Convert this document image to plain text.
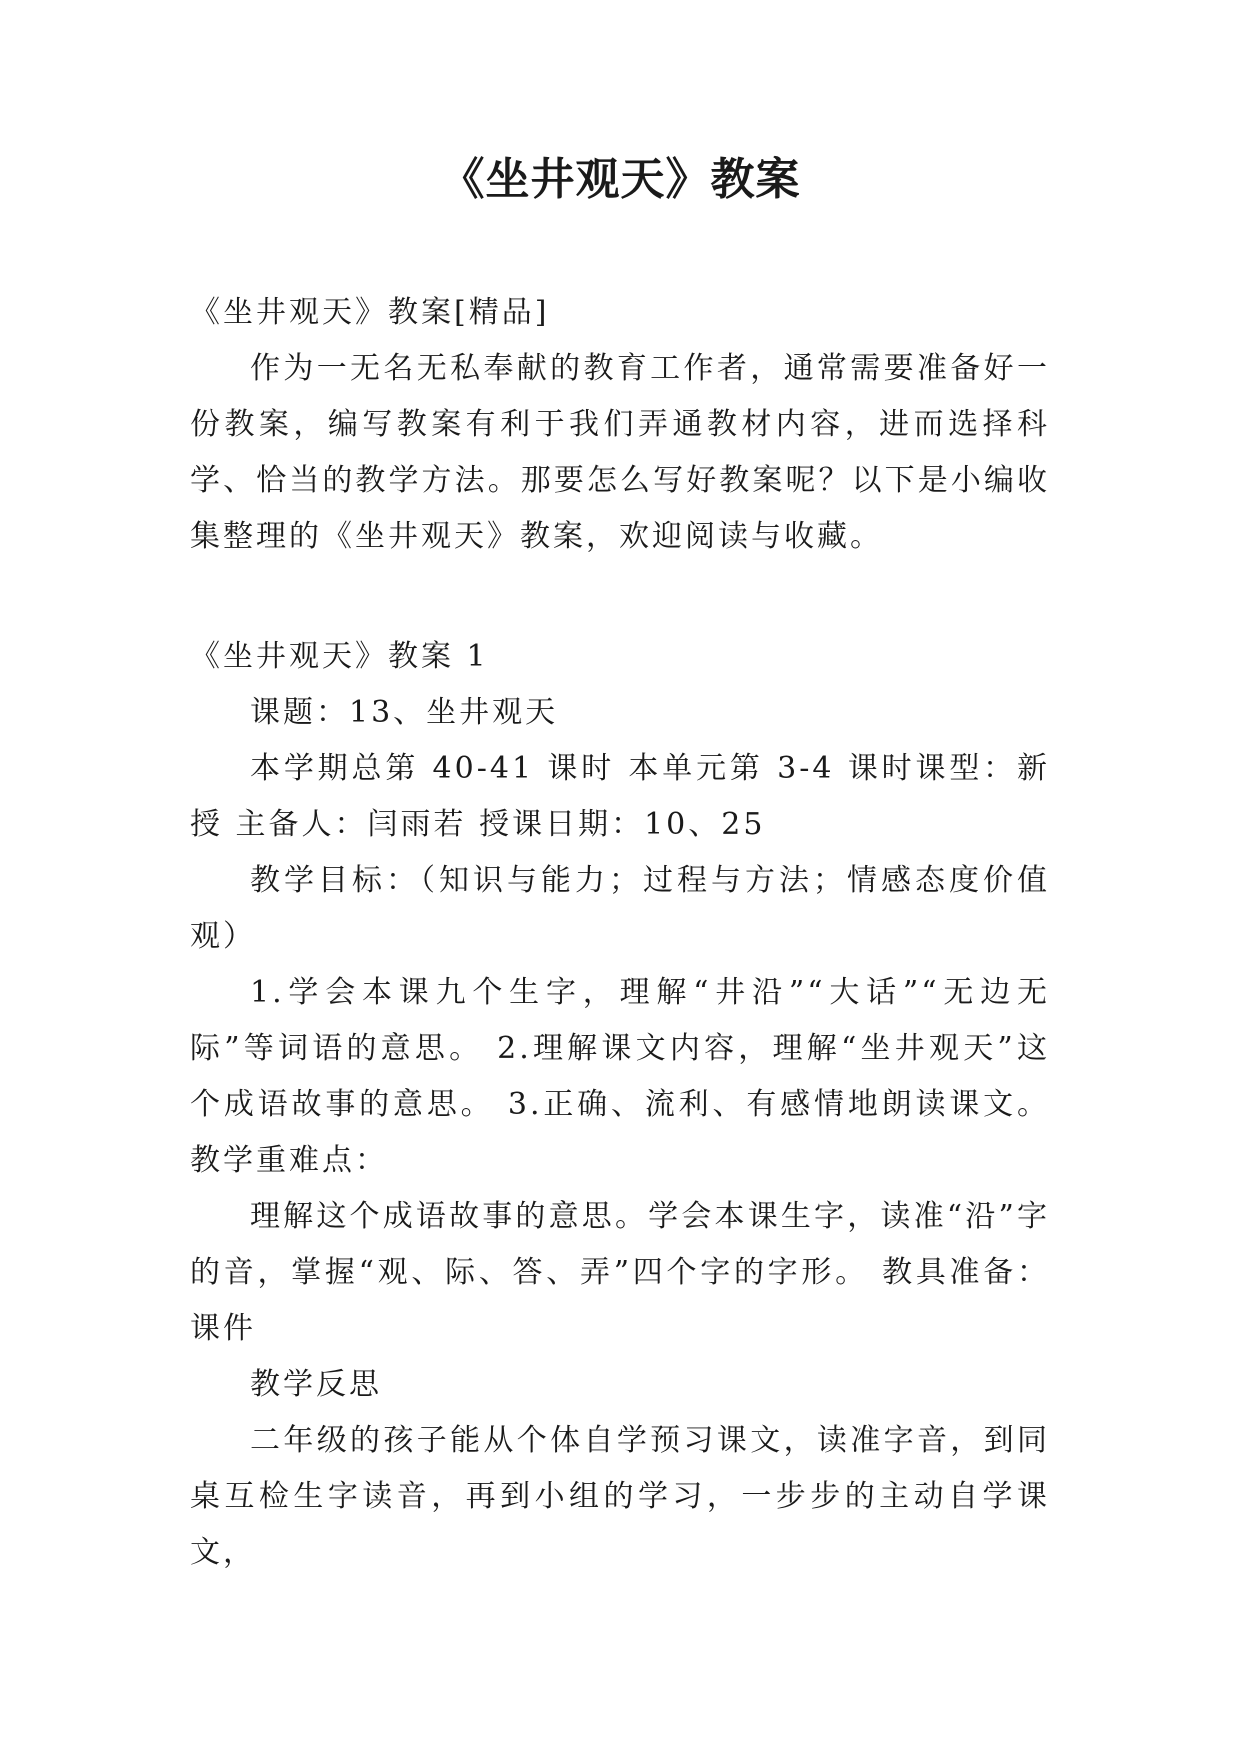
《坐井观天》教案

《坐井观天》教案[精品]

作为一无名无私奉献的教育工作者，通常需要准备好一份教案，编写教案有利于我们弄通教材内容，进而选择科学、恰当的教学方法。那要怎么写好教案呢？以下是小编收集整理的《坐井观天》教案，欢迎阅读与收藏。

《坐井观天》教案 1

课题：13、坐井观天

本学期总第 40-41 课时 本单元第 3-4 课时课型：新授 主备人：闫雨若 授课日期：10、25

教学目标：（知识与能力；过程与方法；情感态度价值观）

1.学会本课九个生字，理解“井沿”“大话”“无边无际”等词语的意思。 2.理解课文内容，理解“坐井观天”这个成语故事的意思。 3.正确、流利、有感情地朗读课文。 教学重难点：

理解这个成语故事的意思。学会本课生字，读准“沿”字的音，掌握“观、际、答、弄”四个字的字形。 教具准备：课件

教学反思

二年级的孩子能从个体自学预习课文，读准字音，到同桌互检生字读音，再到小组的学习，一步步的主动自学课文，
